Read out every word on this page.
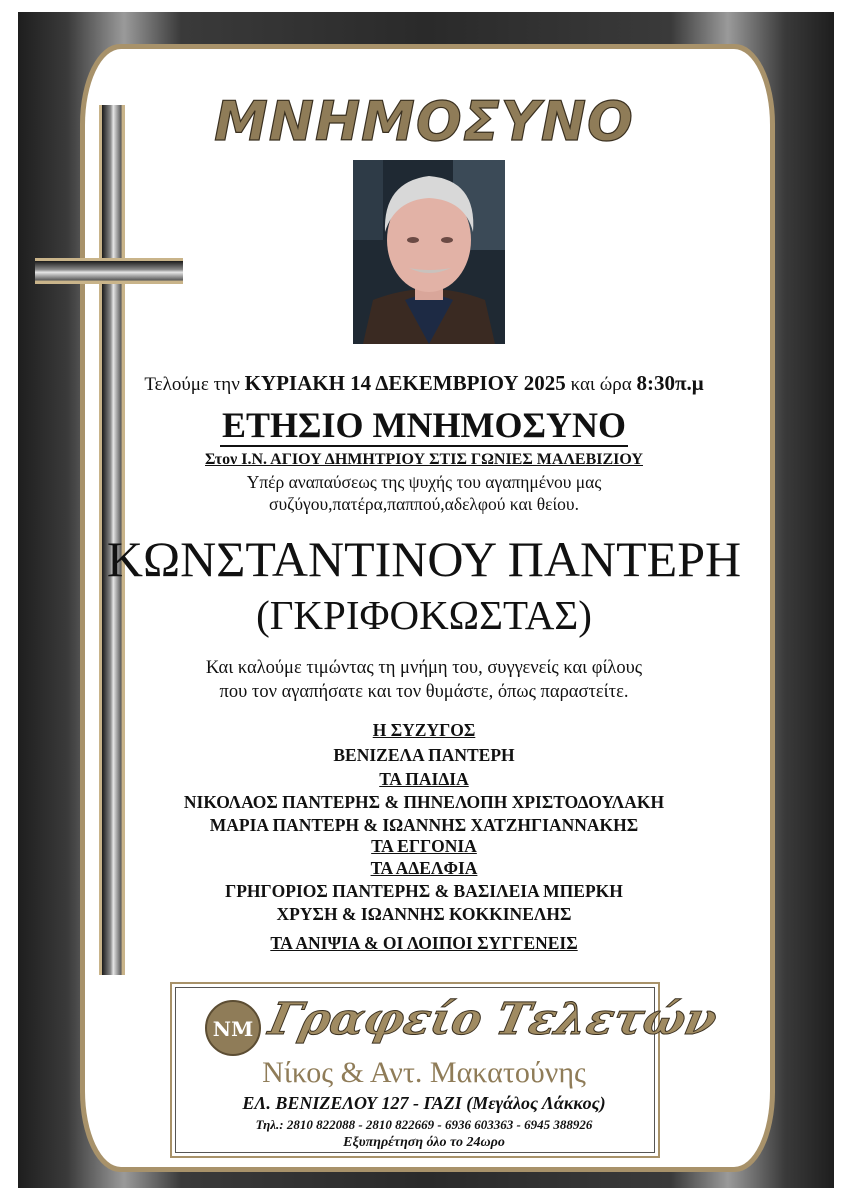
ΜΝΗΜΟΣΥΝΟ
Τελούμε την ΚΥΡΙΑΚΗ 14 ΔΕΚΕΜΒΡΙΟΥ 2025 και ώρα 8:30π.μ
ΕΤΗΣΙΟ ΜΝΗΜΟΣΥΝΟ
Στον Ι.Ν. ΑΓΙΟΥ ΔΗΜΗΤΡΙΟΥ ΣΤΙΣ ΓΩΝΙΕΣ ΜΑΛΕΒΙΖΙΟΥ
Υπέρ αναπαύσεως της ψυχής του αγαπημένου μας
συζύγου,πατέρα,παππού,αδελφού και θείου.
ΚΩΝΣΤΑΝΤΙΝΟΥ ΠΑΝΤΕΡΗ
(ΓΚΡΙΦΟΚΩΣΤΑΣ)
Και καλούμε τιμώντας τη μνήμη του, συγγενείς και φίλους
που τον αγαπήσατε και τον θυμάστε, όπως παραστείτε.
Η ΣΥΖΥΓΟΣ
ΒΕΝΙΖΕΛΑ ΠΑΝΤΕΡΗ
ΤΑ ΠΑΙΔΙΑ
ΝΙΚΟΛΑΟΣ ΠΑΝΤΕΡΗΣ & ΠΗΝΕΛΟΠΗ ΧΡΙΣΤΟΔΟΥΛΑΚΗ
ΜΑΡΙΑ ΠΑΝΤΕΡΗ & ΙΩΑΝΝΗΣ ΧΑΤΖΗΓΙΑΝΝΑΚΗΣ
ΤΑ ΕΓΓΟΝΙΑ
ΤΑ ΑΔΕΛΦΙΑ
ΓΡΗΓΟΡΙΟΣ ΠΑΝΤΕΡΗΣ & ΒΑΣΙΛΕΙΑ ΜΠΕΡΚΗ
ΧΡΥΣΗ & ΙΩΑΝΝΗΣ ΚΟΚΚΙΝΕΛΗΣ
ΤΑ ΑΝΙΨΙΑ & ΟΙ ΛΟΙΠΟΙ ΣΥΓΓΕΝΕΙΣ
ΝΜ Γραφείο Τελετών
Νίκος & Αντ. Μακατούνης
ΕΛ. ΒΕΝΙΖΕΛΟΥ 127 - ΓΑΖΙ (Μεγάλος Λάκκος)
Τηλ.: 2810 822088 - 2810 822669 - 6936 603363 - 6945 388926
Εξυπηρέτηση όλο το 24ωρο
